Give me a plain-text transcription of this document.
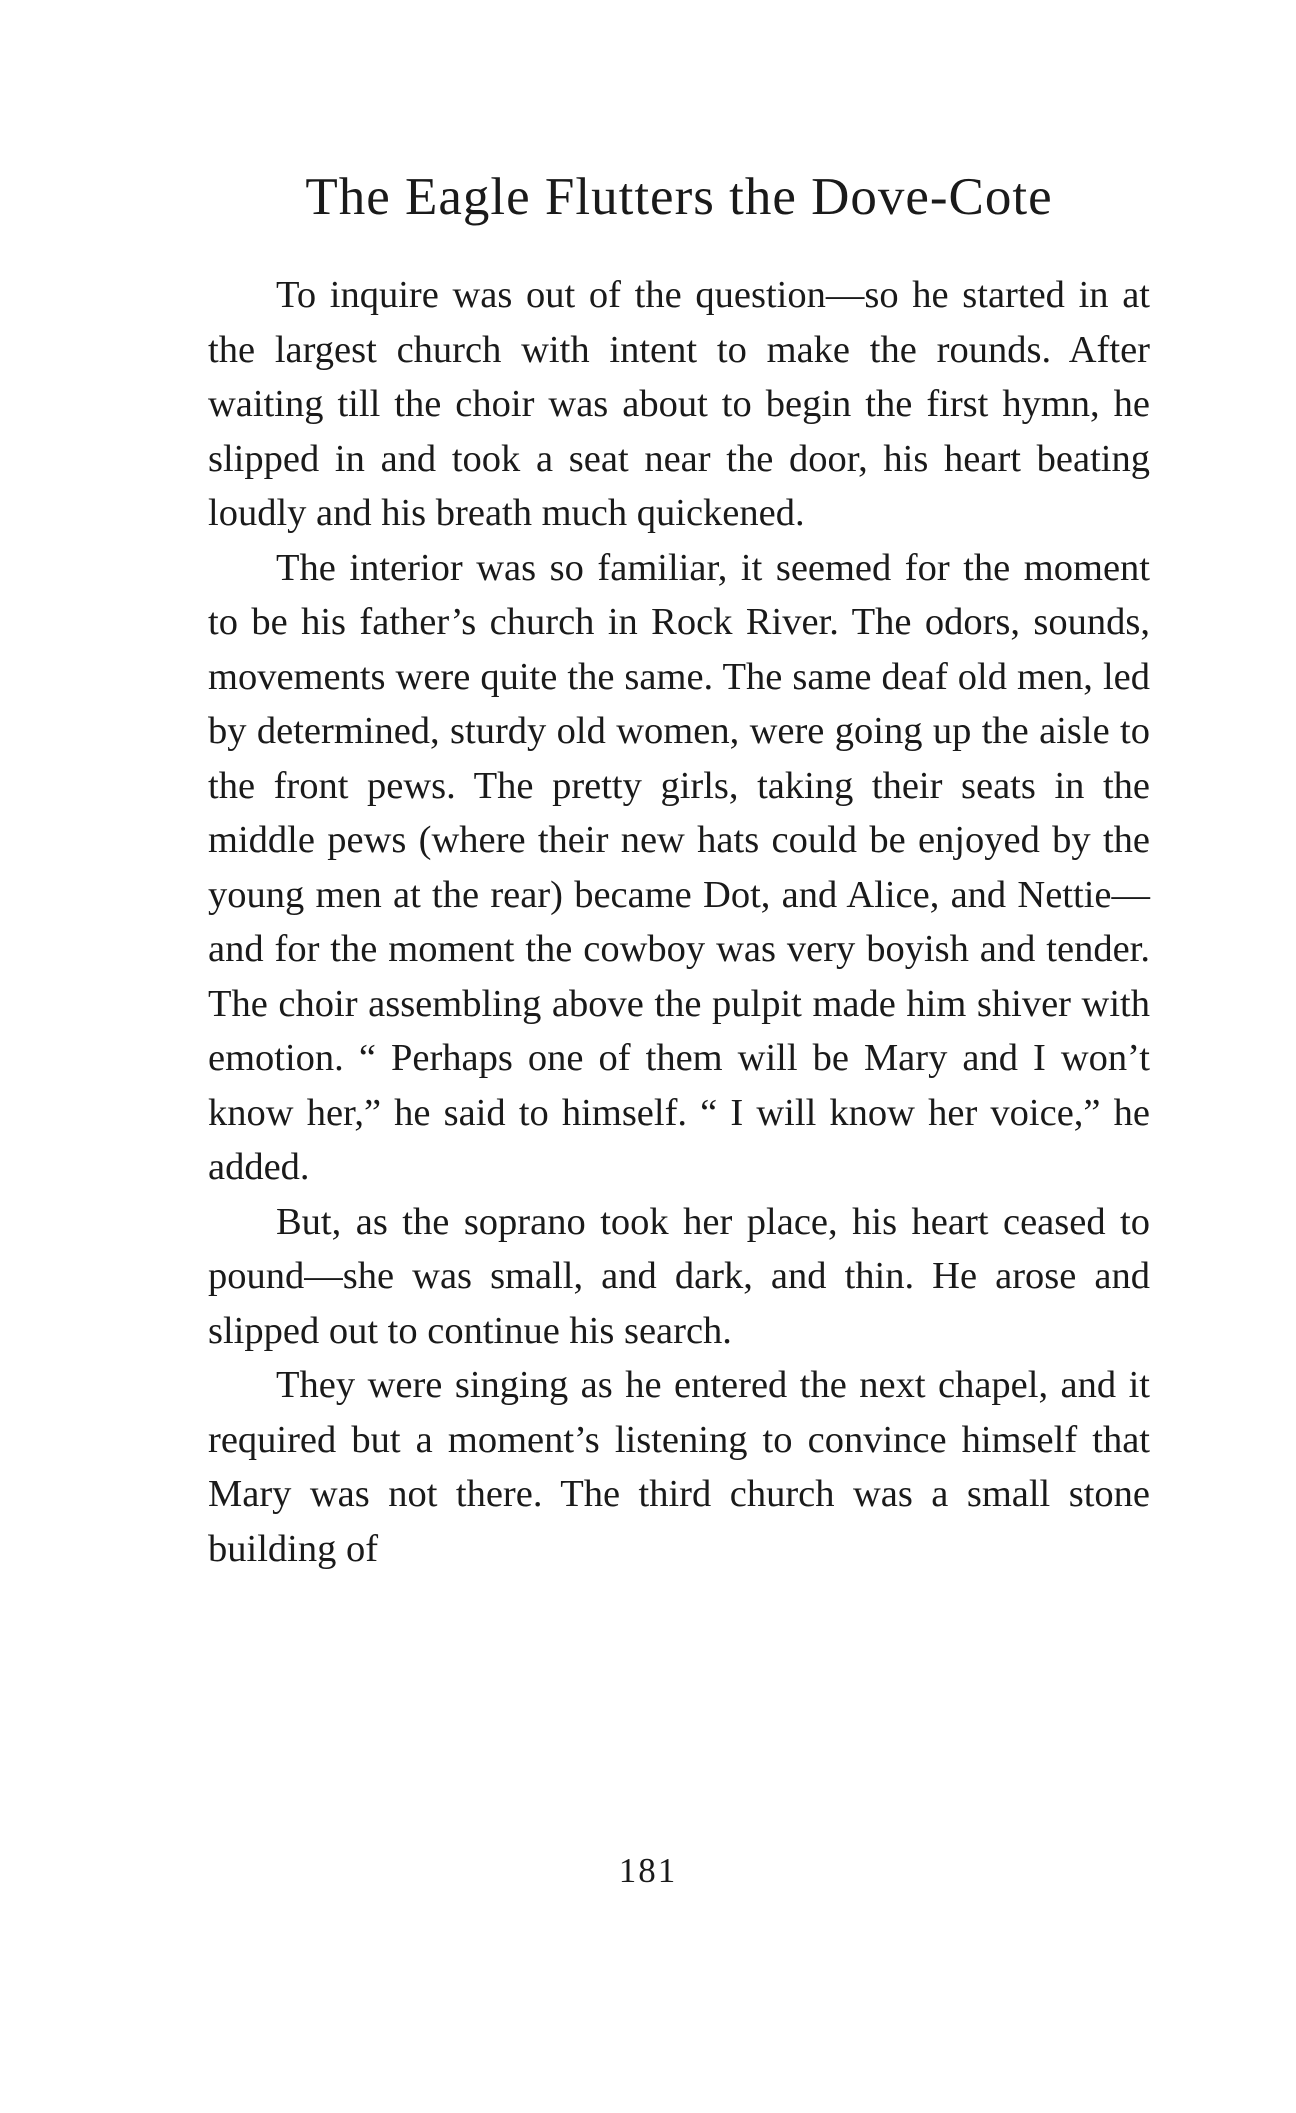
The Eagle Flutters the Dove-Cote

To inquire was out of the question—so he started in at the largest church with intent to make the rounds. After waiting till the choir was about to begin the first hymn, he slipped in and took a seat near the door, his heart beating loudly and his breath much quickened.

The interior was so familiar, it seemed for the moment to be his father’s church in Rock River. The odors, sounds, movements were quite the same. The same deaf old men, led by determined, sturdy old women, were going up the aisle to the front pews. The pretty girls, taking their seats in the middle pews (where their new hats could be enjoyed by the young men at the rear) became Dot, and Alice, and Nettie—and for the moment the cowboy was very boyish and tender. The choir assembling above the pulpit made him shiver with emotion. “ Perhaps one of them will be Mary and I won’t know her,” he said to himself. “ I will know her voice,” he added.

But, as the soprano took her place, his heart ceased to pound—she was small, and dark, and thin. He arose and slipped out to continue his search.

They were singing as he entered the next chapel, and it required but a moment’s listening to convince himself that Mary was not there. The third church was a small stone building of

181
